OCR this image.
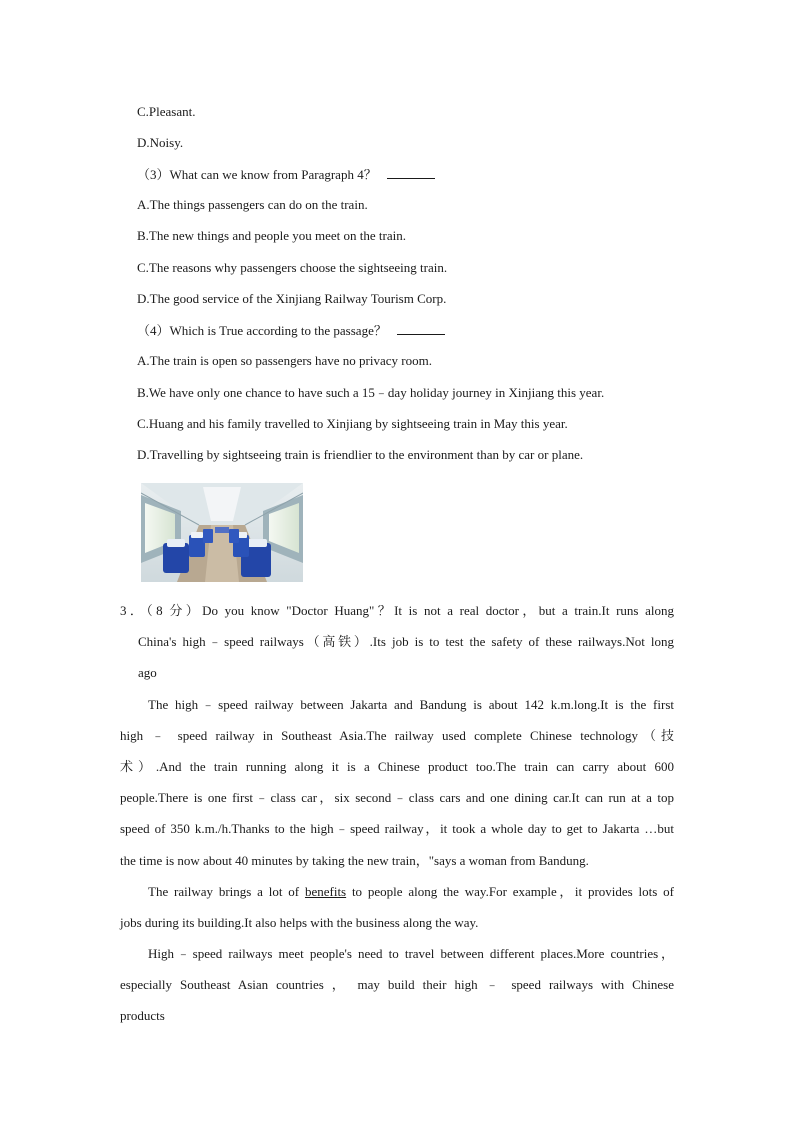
C.Pleasant.
D.Noisy.
（3）What can we know from Paragraph 4？
A.The things passengers can do on the train.
B.The new things and people you meet on the train.
C.The reasons why passengers choose the sightseeing train.
D.The good service of the Xinjiang Railway Tourism Corp.
（4）Which is True according to the passage？
A.The train is open so passengers have no privacy room.
B.We have only one chance to have such a 15﹣day holiday journey in Xinjiang this year.
C.Huang and his family travelled to Xinjiang by sightseeing train in May this year.
D.Travelling by sightseeing train is friendlier to the environment than by car or plane.
3．（8 分）Do you know "Doctor Huang"？It is not a real doctor，but a train.It runs along
China's high﹣speed railways（高铁）.Its job is to test the safety of these railways.Not long
ago
The high﹣speed railway between Jakarta and Bandung is about 142 k.m.long.It is the first
high ﹣ speed railway in Southeast Asia.The railway used complete Chinese technology（技
术）.And the train running along it is a Chinese product too.The train can carry about 600
people.There is one first﹣class car，six second﹣class cars and one dining car.It can run at a top
speed of 350 k.m./h.Thanks to the high﹣speed railway，it took a whole day to get to Jakarta …but
the time is now about 40 minutes by taking the new train，"says a woman from Bandung.
The railway brings a lot of benefits to people along the way.For example，it provides lots of
jobs during its building.It also helps with the business along the way.
High﹣speed railways meet people's need to travel between different places.More countries，
especially Southeast Asian countries ， may build their high ﹣ speed railways with Chinese
products
